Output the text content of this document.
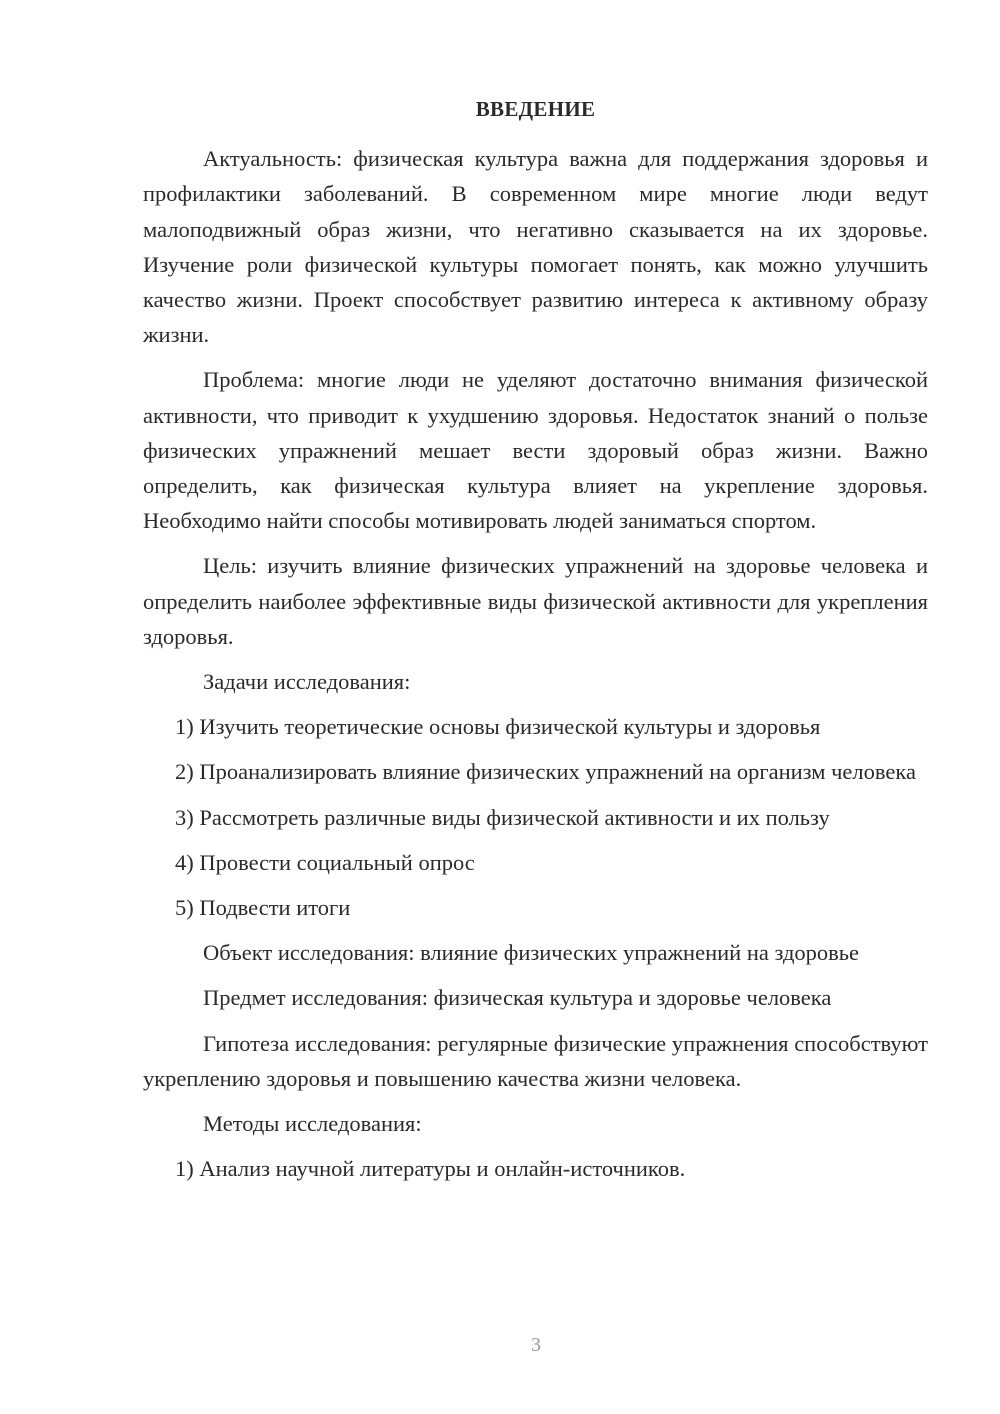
ВВЕДЕНИЕ

Актуальность: физическая культура важна для поддержания здоровья и профилактики заболеваний. В современном мире многие люди ведут малоподвижный образ жизни, что негативно сказывается на их здоровье. Изучение роли физической культуры помогает понять, как можно улучшить качество жизни. Проект способствует развитию интереса к активному образу жизни.

Проблема: многие люди не уделяют достаточно внимания физической активности, что приводит к ухудшению здоровья. Недостаток знаний о пользе физических упражнений мешает вести здоровый образ жизни. Важно определить, как физическая культура влияет на укрепление здоровья. Необходимо найти способы мотивировать людей заниматься спортом.

Цель: изучить влияние физических упражнений на здоровье человека и определить наиболее эффективные виды физической активности для укрепления здоровья.

Задачи исследования:

1) Изучить теоретические основы физической культуры и здоровья

2) Проанализировать влияние физических упражнений на организм человека

3) Рассмотреть различные виды физической активности и их пользу

4) Провести социальный опрос

5) Подвести итоги

Объект исследования: влияние физических упражнений на здоровье

Предмет исследования: физическая культура и здоровье человека

Гипотеза исследования: регулярные физические упражнения способствуют укреплению здоровья и повышению качества жизни человека.

Методы исследования:

1) Анализ научной литературы и онлайн-источников.

3
